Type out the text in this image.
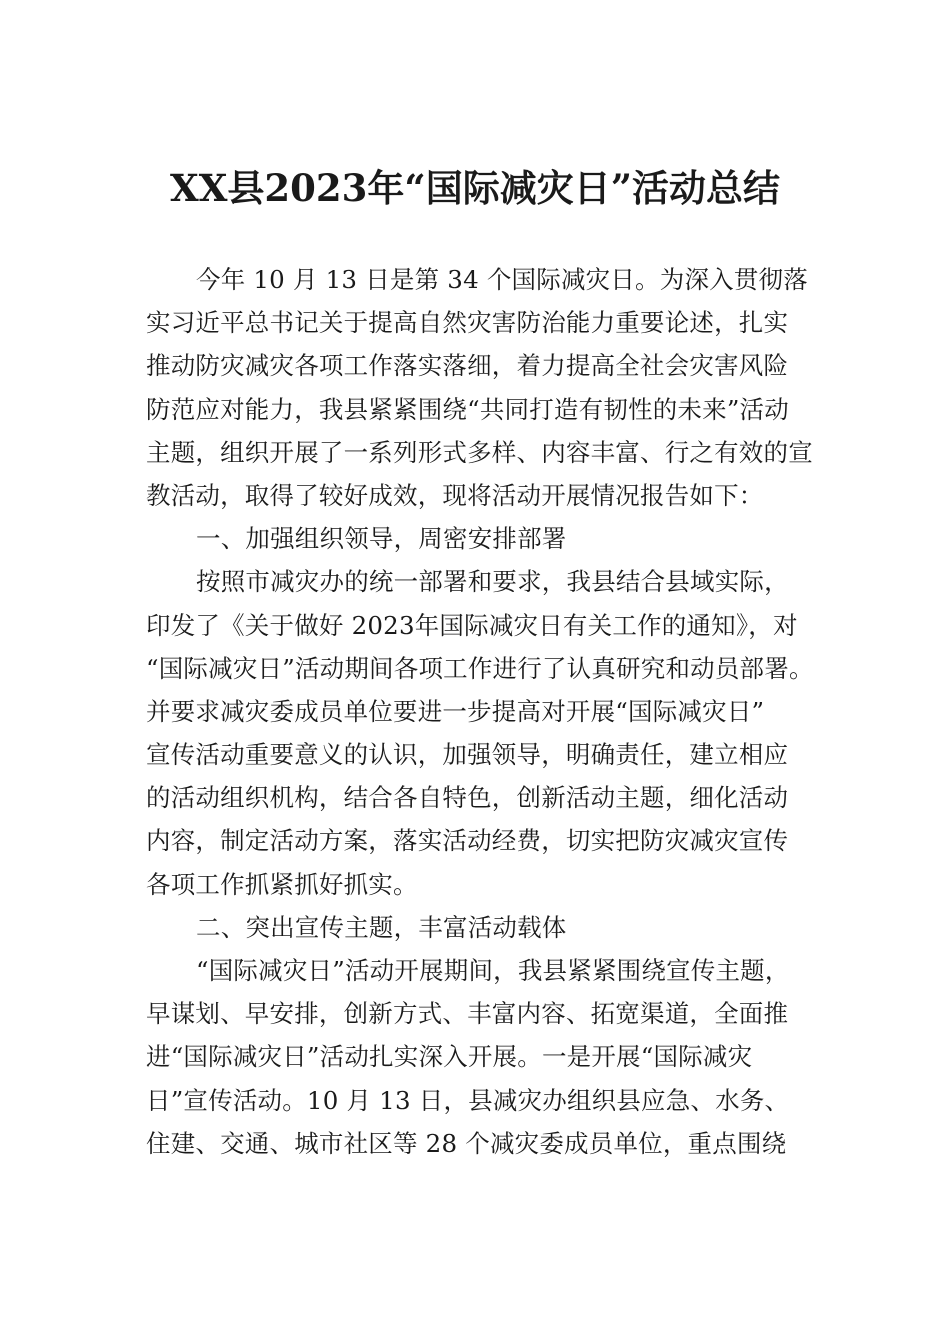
XX县2023年“国际减灾日”活动总结
今年 10 月 13 日是第 34 个国际减灾日。为深入贯彻落
实习近平总书记关于提高自然灾害防治能力重要论述，扎实
推动防灾减灾各项工作落实落细，着力提高全社会灾害风险
防范应对能力，我县紧紧围绕“共同打造有韧性的未来”活动
主题，组织开展了一系列形式多样、内容丰富、行之有效的宣
教活动，取得了较好成效，现将活动开展情况报告如下：
一、加强组织领导，周密安排部署
按照市减灾办的统一部署和要求，我县结合县域实际，
印发了《关于做好 2023年国际减灾日有关工作的通知》，对
“国际减灾日”活动期间各项工作进行了认真研究和动员部署。
并要求减灾委成员单位要进一步提高对开展“国际减灾日”
宣传活动重要意义的认识，加强领导，明确责任，建立相应
的活动组织机构，结合各自特色，创新活动主题，细化活动
内容，制定活动方案，落实活动经费，切实把防灾减灾宣传
各项工作抓紧抓好抓实。
二、突出宣传主题，丰富活动载体
“国际减灾日”活动开展期间，我县紧紧围绕宣传主题，
早谋划、早安排，创新方式、丰富内容、拓宽渠道，全面推
进“国际减灾日”活动扎实深入开展。一是开展“国际减灾
日”宣传活动。10 月 13 日，县减灾办组织县应急、水务、
住建、交通、城市社区等 28 个减灾委成员单位，重点围绕
